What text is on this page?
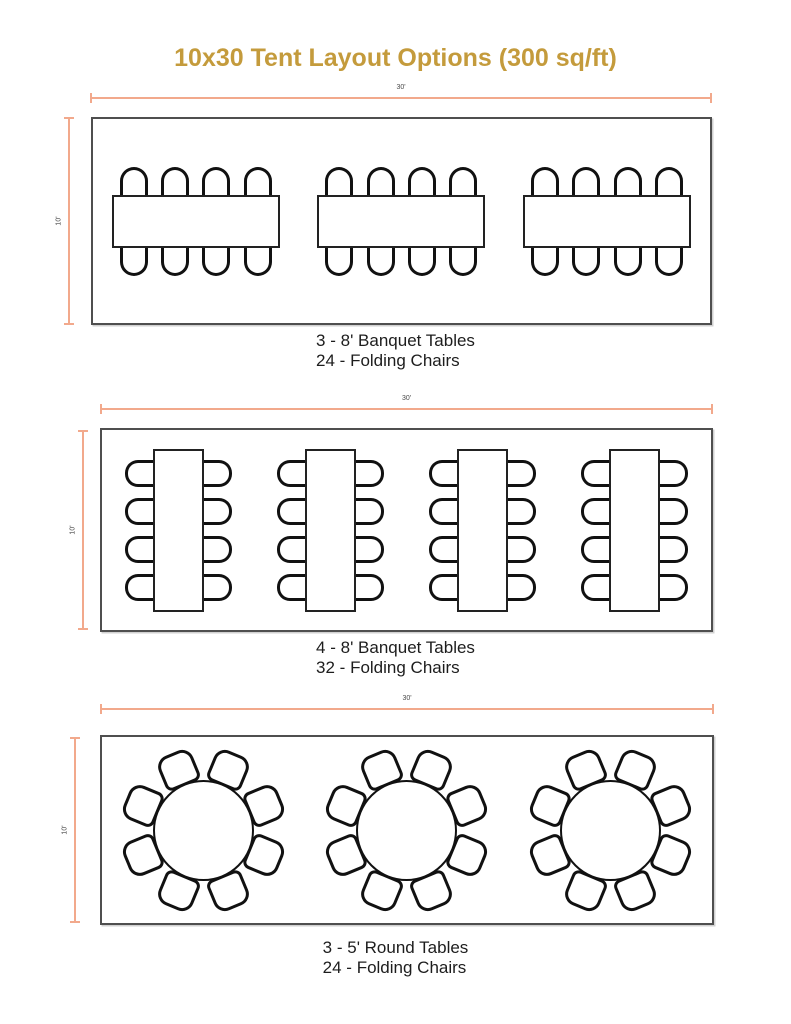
10x30 Tent Layout Options (300 sq/ft)
30'
10'
3 - 8' Banquet Tables
24 - Folding Chairs
30'
10'
4 - 8' Banquet Tables
32 - Folding Chairs
30'
10'
3 - 5' Round Tables
24 - Folding Chairs
